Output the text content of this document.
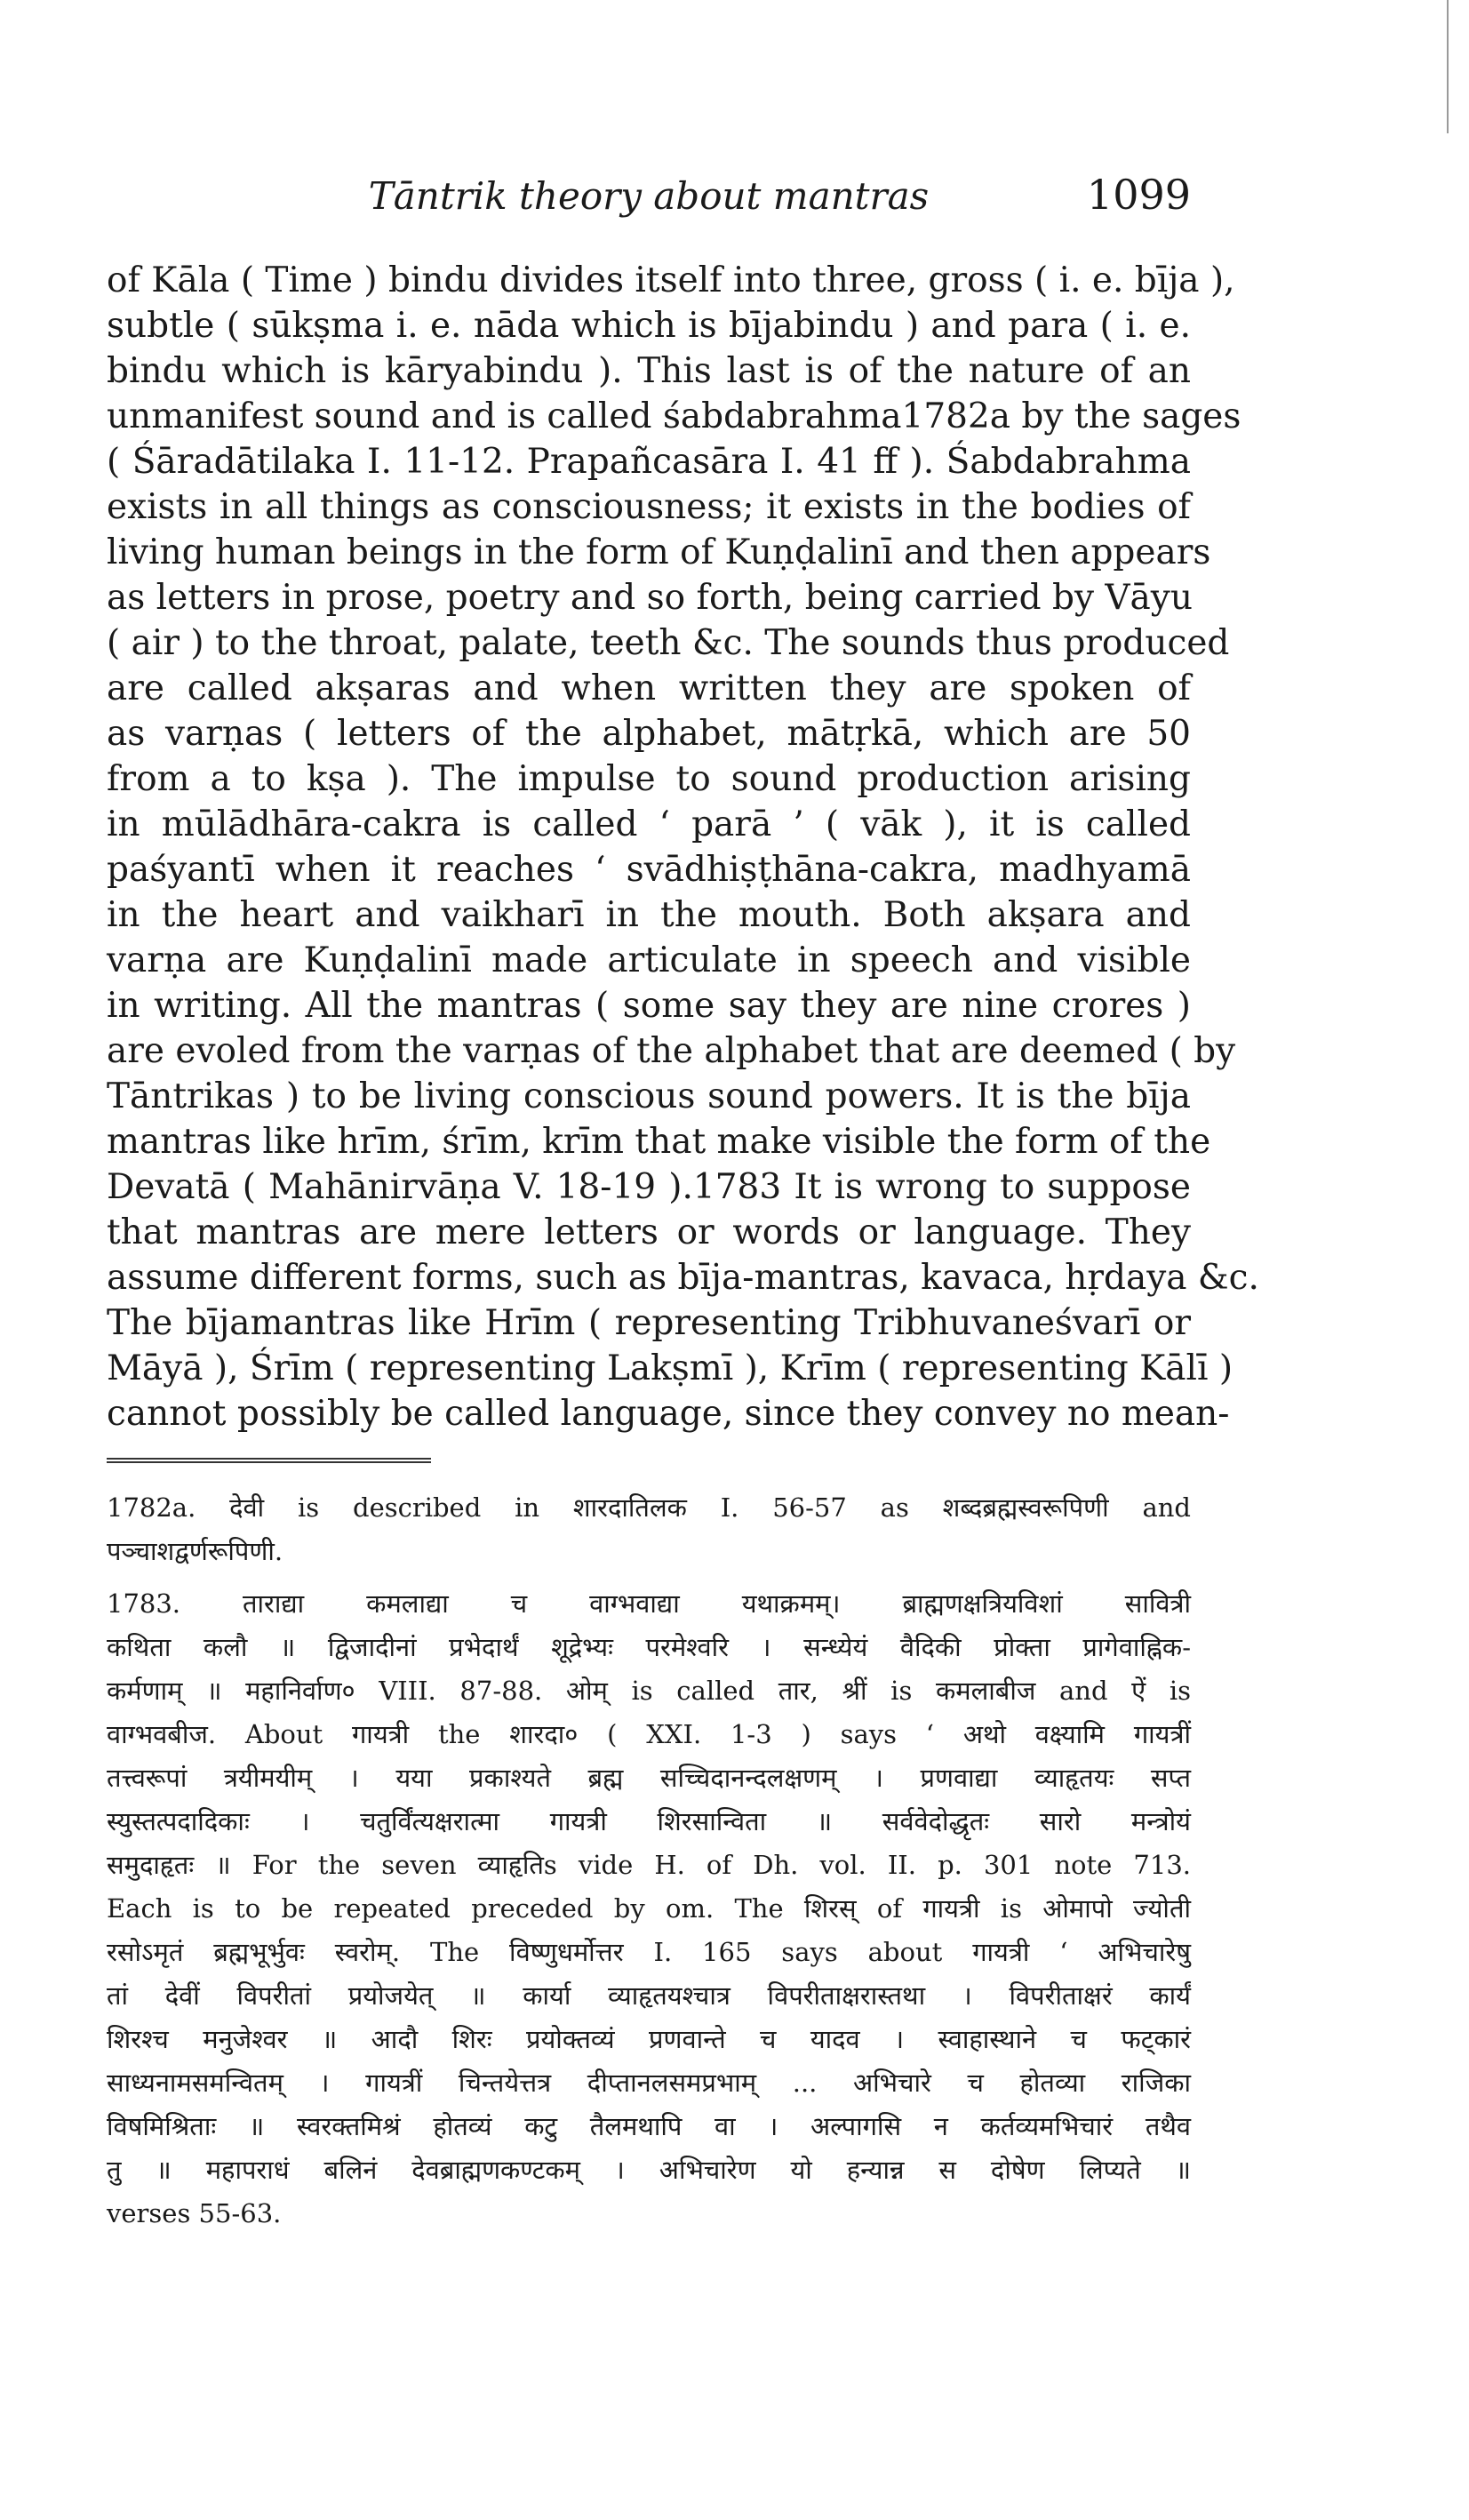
Tāntrik theory about mantras	1099

of Kāla ( Time ) bindu divides itself into three, gross ( i. e. bīja ),
subtle ( sūkṣma i. e. nāda which is bījabindu ) and para ( i. e.
bindu which is kāryabindu ). This last is of the nature of an
unmanifest sound and is called śabdabrahma1782a by the sages
( Śāradātilaka I. 11-12. Prapañcasāra I. 41 ff ). Śabdabrahma
exists in all things as consciousness; it exists in the bodies of
living human beings in the form of Kuṇḍalinī and then appears
as letters in prose, poetry and so forth, being carried by Vāyu
( air ) to the throat, palate, teeth &c. The sounds thus produced
are called akṣaras and when written they are spoken of
as varṇas ( letters of the alphabet, mātṛkā, which are 50
from a to kṣa ). The impulse to sound production arising
in mūlādhāra-cakra is called ‘ parā ’ ( vāk ), it is called
paśyantī when it reaches ‘ svādhiṣṭhāna-cakra, madhyamā
in the heart and vaikharī in the mouth. Both akṣara and
varṇa are Kuṇḍalinī made articulate in speech and visible
in writing. All the mantras ( some say they are nine crores )
are evoled from the varṇas of the alphabet that are deemed ( by
Tāntrikas ) to be living conscious sound powers. It is the bīja
mantras like hrīm, śrīm, krīm that make visible the form of the
Devatā ( Mahānirvāṇa V. 18-19 ).1783 It is wrong to suppose
that mantras are mere letters or words or language. They
assume different forms, such as bīja-mantras, kavaca, hṛdaya &c.
The bījamantras like Hrīm ( representing Tribhuvaneśvarī or
Māyā ), Śrīm ( representing Lakṣmī ), Krīm ( representing Kālī )
cannot possibly be called language, since they convey no mean-

1782a. देवी is described in शारदातिलक I. 56-57 as शब्दब्रह्मस्वरूपिणी and
पञ्चाशद्वर्णरूपिणी.
1783. ताराद्या कमलाद्या च वाग्भवाद्या यथाक्रमम्। ब्राह्मणक्षत्रियविशां सावित्री
कथिता कलौ ॥ द्विजादीनां प्रभेदार्थं शूद्रेभ्यः परमेश्वरि । सन्ध्येयं वैदिकी प्रोक्ता प्रागेवाह्निक-
कर्मणाम् ॥ महानिर्वाण० VIII. 87-88. ओम् is called तार, श्रीं is कमलाबीज and ऐं is
वाग्भवबीज. About गायत्री the शारदा० ( XXI. 1-3 ) says ‘ अथो वक्ष्यामि गायत्रीं
तत्त्वरूपां त्रयीमयीम् । यया प्रकाश्यते ब्रह्म सच्चिदानन्दलक्षणम् । प्रणवाद्या व्याहृतयः सप्त
स्युस्तत्पदादिकाः । चतुर्विंत्यक्षरात्मा गायत्री शिरसान्विता ॥ सर्ववेदोद्धृतः सारो मन्त्रोयं
समुदाहृतः ॥ For the seven व्याहृतिs vide H. of Dh. vol. II. p. 301 note 713.
Each is to be repeated preceded by om. The शिरस् of गायत्री is ओमापो ज्योती
रसोऽमृतं ब्रह्मभूर्भुवः स्वरोम्. The विष्णुधर्मोत्तर I. 165 says about गायत्री ‘ अभिचारेषु
तां देवीं विपरीतां प्रयोजयेत् ॥ कार्या व्याहृतयश्चात्र विपरीताक्षरास्तथा । विपरीताक्षरं कार्यं
शिरश्च मनुजेश्वर ॥ आदौ शिरः प्रयोक्तव्यं प्रणवान्ते च यादव । स्वाहास्थाने च फट्कारं
साध्यनामसमन्वितम् । गायत्रीं चिन्तयेत्तत्र दीप्तानलसमप्रभाम् ... अभिचारे च होतव्या राजिका
विषमिश्रिताः ॥ स्वरक्तमिश्रं होतव्यं कटु तैलमथापि वा । अल्पागसि न कर्तव्यमभिचारं तथैव
तु ॥ महापराधं बलिनं देवब्राह्मणकण्टकम् । अभिचारेण यो हन्यान्न स दोषेण लिप्यते ॥
verses 55-63.
